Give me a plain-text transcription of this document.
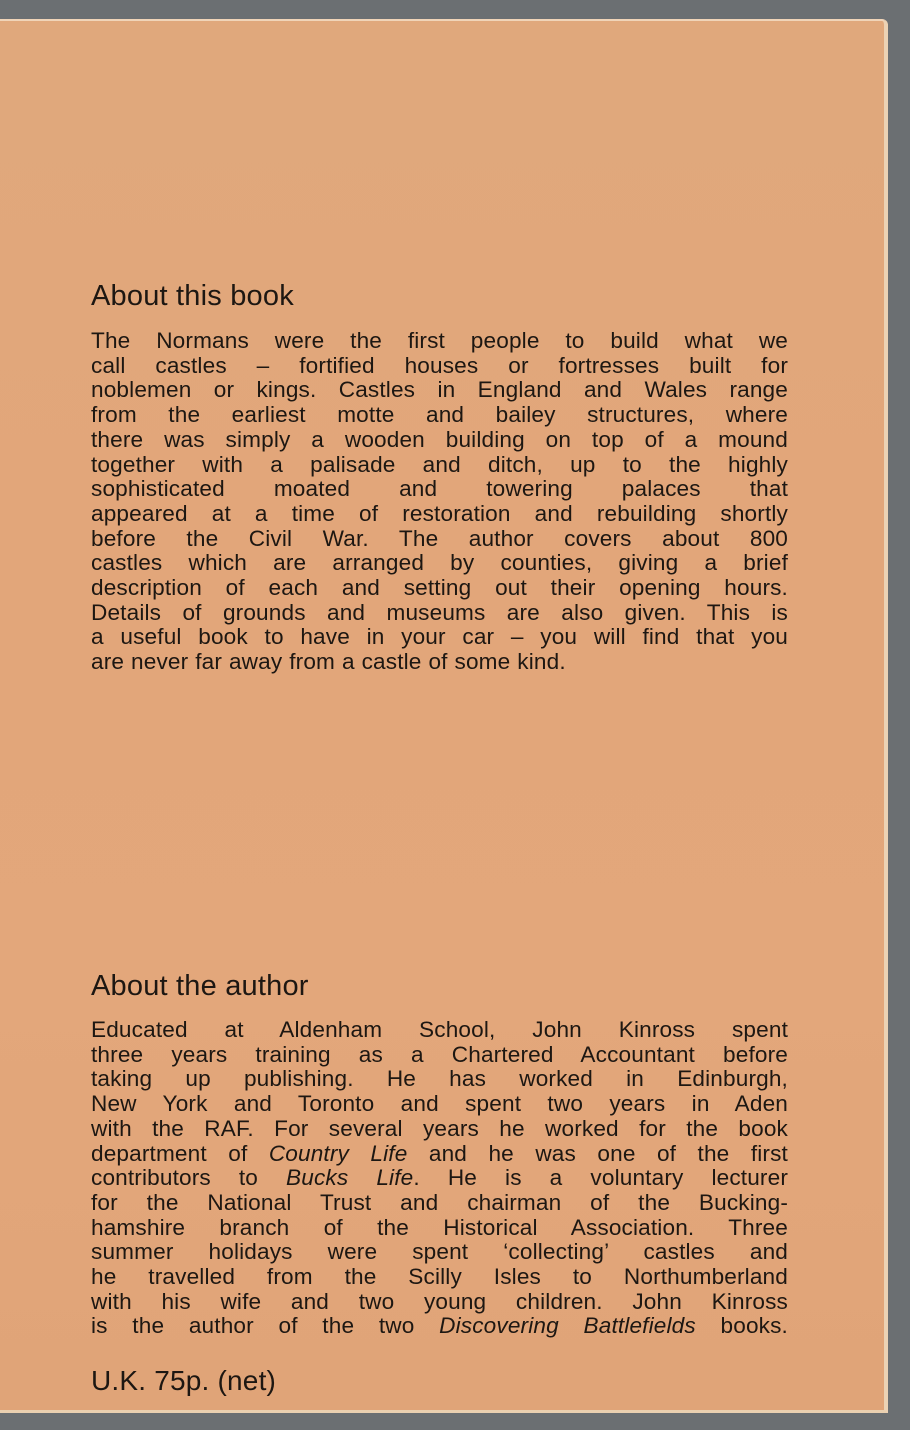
About this book
The Normans were the first people to build what we
call castles – fortified houses or fortresses built for
noblemen or kings. Castles in England and Wales range
from the earliest motte and bailey structures, where
there was simply a wooden building on top of a mound
together with a palisade and ditch, up to the highly
sophisticated moated and towering palaces that
appeared at a time of restoration and rebuilding shortly
before the Civil War. The author covers about 800
castles which are arranged by counties, giving a brief
description of each and setting out their opening hours.
Details of grounds and museums are also given. This is
a useful book to have in your car – you will find that you
are never far away from a castle of some kind.
About the author
Educated at Aldenham School, John Kinross spent
three years training as a Chartered Accountant before
taking up publishing. He has worked in Edinburgh,
New York and Toronto and spent two years in Aden
with the RAF. For several years he worked for the book
department of Country Life and he was one of the first
contributors to Bucks Life. He is a voluntary lecturer
for the National Trust and chairman of the Bucking-
hamshire branch of the Historical Association. Three
summer holidays were spent ‘collecting’ castles and
he travelled from the Scilly Isles to Northumberland
with his wife and two young children. John Kinross
is the author of the two Discovering Battlefields books.
U.K. 75p. (net)
